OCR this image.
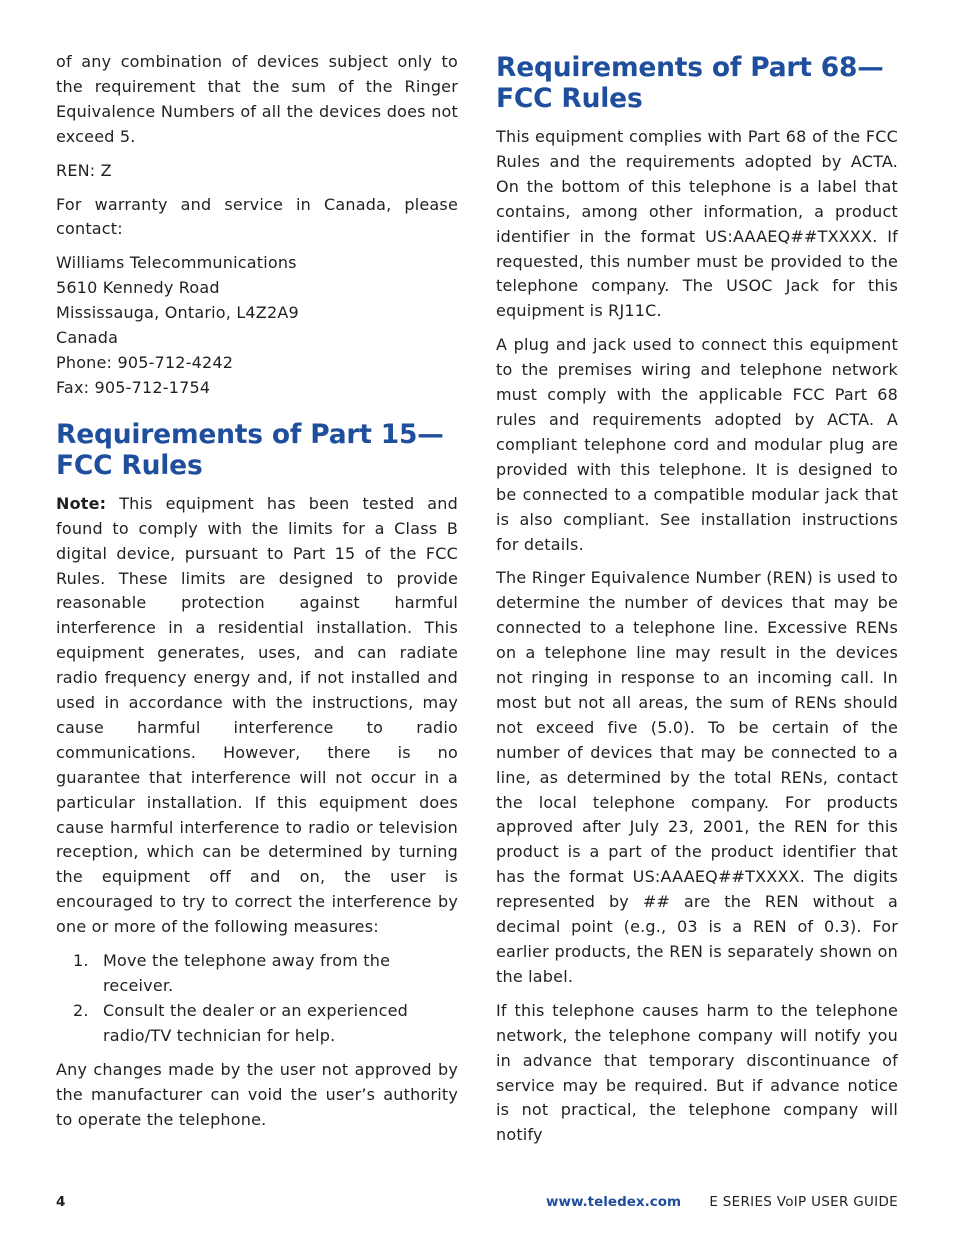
of any combination of devices subject only to the requirement that the sum of the Ringer Equivalence Numbers of all the devices does not exceed 5.

REN: Z

For warranty and service in Canada, please contact:

Williams Telecommunications
5610 Kennedy Road
Mississauga, Ontario, L4Z2A9
Canada
Phone: 905-712-4242
Fax: 905-712-1754

Requirements of Part 15—
FCC Rules

Note: This equipment has been tested and found to comply with the limits for a Class B digital device, pursuant to Part 15 of the FCC Rules. These limits are designed to provide reasonable protection against harmful interference in a residential installation. This equipment generates, uses, and can radiate radio frequency energy and, if not installed and used in accordance with the instructions, may cause harmful interference to radio communications. However, there is no guarantee that interference will not occur in a particular installation. If this equipment does cause harmful interference to radio or television reception, which can be determined by turning the equipment off and on, the user is encouraged to try to correct the interference by one or more of the following measures:

1. Move the telephone away from the receiver.
2. Consult the dealer or an experienced radio/TV technician for help.

Any changes made by the user not approved by the manufacturer can void the user’s authority to operate the telephone.

Requirements of Part 68—
FCC Rules

This equipment complies with Part 68 of the FCC Rules and the requirements adopted by ACTA. On the bottom of this telephone is a label that contains, among other information, a product identifier in the format US:AAAEQ##TXXXX. If requested, this number must be provided to the telephone company. The USOC Jack for this equipment is RJ11C.

A plug and jack used to connect this equipment to the premises wiring and telephone network must comply with the applicable FCC Part 68 rules and requirements adopted by ACTA. A compliant telephone cord and modular plug are provided with this telephone. It is designed to be connected to a compatible modular jack that is also compliant. See installation instructions for details.

The Ringer Equivalence Number (REN) is used to determine the number of devices that may be connected to a telephone line. Excessive RENs on a telephone line may result in the devices not ringing in response to an incoming call. In most but not all areas, the sum of RENs should not exceed five (5.0). To be certain of the number of devices that may be connected to a line, as determined by the total RENs, contact the local telephone company. For products approved after July 23, 2001, the REN for this product is a part of the product identifier that has the format US:AAAEQ##TXXXX. The digits represented by ## are the REN without a decimal point (e.g., 03 is a REN of 0.3). For earlier products, the REN is separately shown on the label.

If this telephone causes harm to the telephone network, the telephone company will notify you in advance that temporary discontinuance of service may be required. But if advance notice is not practical, the telephone company will notify

4	www.teledex.com E SERIES VoIP USER GUIDE
